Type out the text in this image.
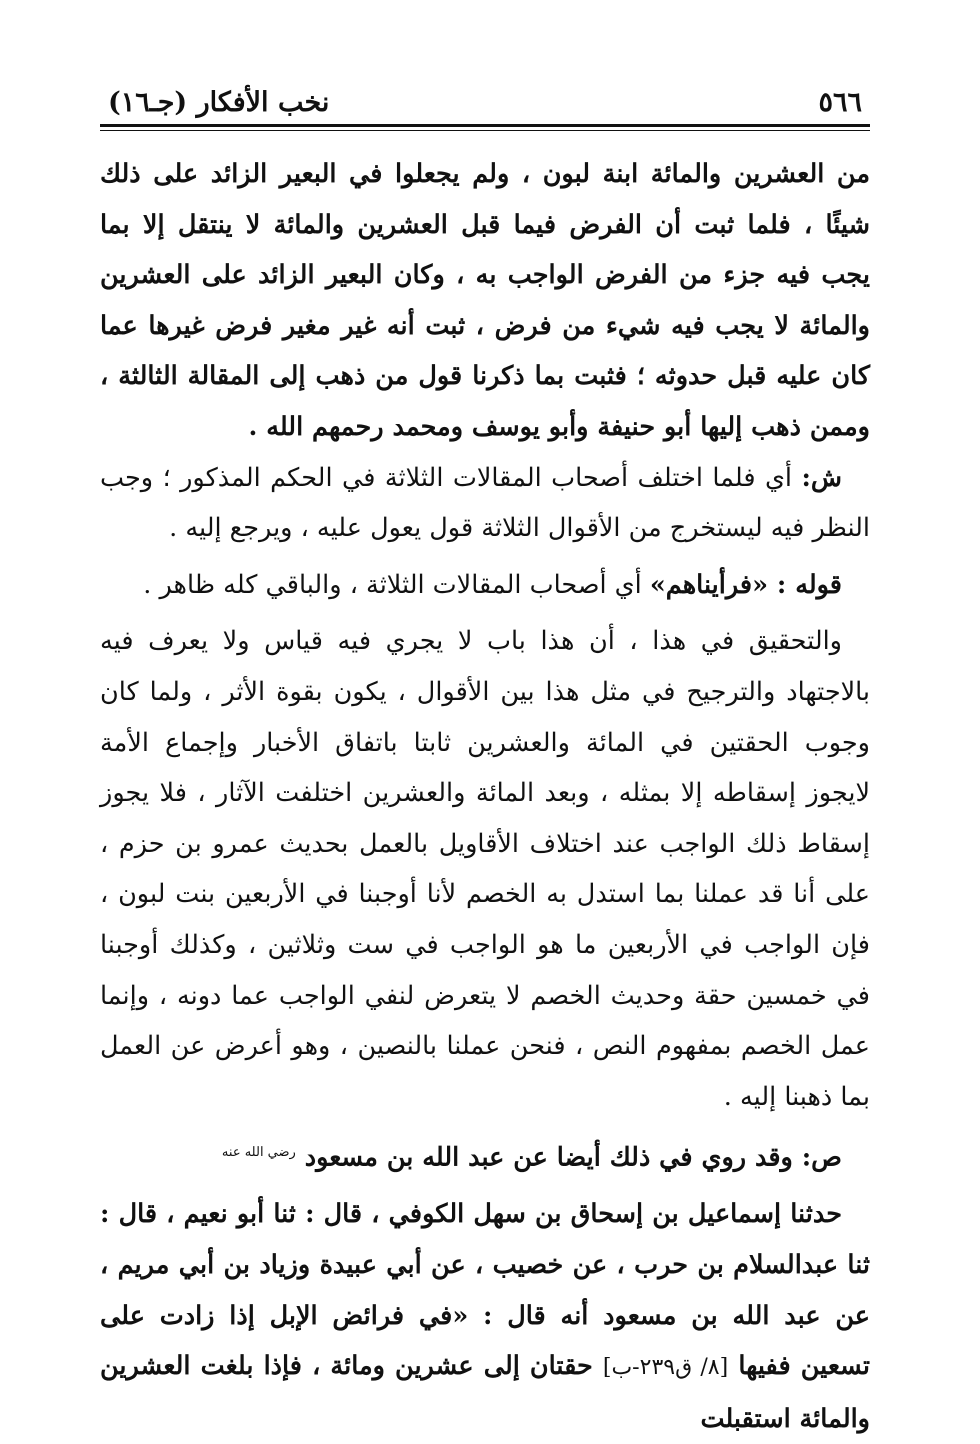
٥٦٦
نخب الأفكار (جـ١٦)

من العشرين والمائة ابنة لبون ، ولم يجعلوا في البعير الزائد على ذلك شيئًا ، فلما ثبت أن الفرض فيما قبل العشرين والمائة لا ينتقل إلا بما يجب فيه جزء من الفرض الواجب به ، وكان البعير الزائد على العشرين والمائة لا يجب فيه شيء من فرض ، ثبت أنه غير مغير فرض غيرها عما كان عليه قبل حدوثه ؛ فثبت بما ذكرنا قول من ذهب إلى المقالة الثالثة ، وممن ذهب إليها أبو حنيفة وأبو يوسف ومحمد رحمهم الله .

ش: أي فلما اختلف أصحاب المقالات الثلاثة في الحكم المذكور ؛ وجب النظر فيه ليستخرج من الأقوال الثلاثة قول يعول عليه ، ويرجع إليه .

قوله : «فرأيناهم» أي أصحاب المقالات الثلاثة ، والباقي كله ظاهر .

والتحقيق في هذا ، أن هذا باب لا يجري فيه قياس ولا يعرف فيه بالاجتهاد والترجيح في مثل هذا بين الأقوال ، يكون بقوة الأثر ، ولما كان وجوب الحقتين في المائة والعشرين ثابتا باتفاق الأخبار وإجماع الأمة لايجوز إسقاطه إلا بمثله ، وبعد المائة والعشرين اختلفت الآثار ، فلا يجوز إسقاط ذلك الواجب عند اختلاف الأقاويل بالعمل بحديث عمرو بن حزم ، على أنا قد عملنا بما استدل به الخصم لأنا أوجبنا في الأربعين بنت لبون ، فإن الواجب في الأربعين ما هو الواجب في ست وثلاثين ، وكذلك أوجبنا في خمسين حقة وحديث الخصم لا يتعرض لنفي الواجب عما دونه ، وإنما عمل الخصم بمفهوم النص ، فنحن عملنا بالنصين ، وهو أعرض عن العمل بما ذهبنا إليه .

ص: وقد روي في ذلك أيضا عن عبد الله بن مسعود $^{رضي الله عنه}$

حدثنا إسماعيل بن إسحاق بن سهل الكوفي ، قال : ثنا أبو نعيم ، قال : ثنا عبدالسلام بن حرب ، عن خصيب ، عن أبي عبيدة وزياد بن أبي مريم ، عن عبد الله بن مسعود أنه قال : «في فرائض الإبل إذا زادت على تسعين ففيها [٨/ ق٢٣٩-ب] حقتان إلى عشرين ومائة ، فإذا بلغت العشرين والمائة استقبلت
